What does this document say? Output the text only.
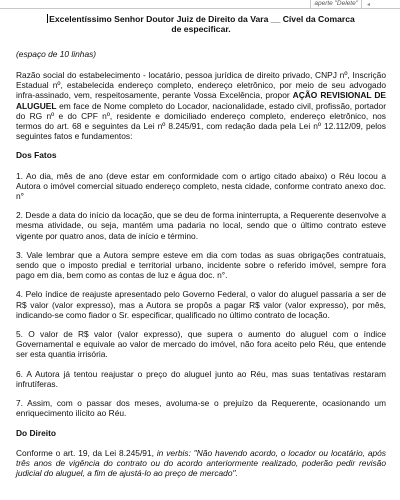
aperte "Delete"	◂
Excelentíssimo Senhor Doutor Juiz de Direito da Vara __ Cível da Comarca
de especificar.

(espaço de 10 linhas)

Razão social do estabelecimento - locatário, pessoa jurídica de direito privado, CNPJ nº, Inscrição Estadual nº, estabelecida endereço completo, endereço eletrônico, por meio de seu advogado infra-assinado, vem, respeitosamente, perante Vossa Excelência, propor AÇÃO REVISIONAL DE ALUGUEL em face de Nome completo do Locador, nacionalidade, estado civil, profissão, portador do RG nº e do CPF nº, residente e domiciliado endereço completo, endereço eletrônico, nos termos do art. 68 e seguintes da Lei nº 8.245/91, com redação dada pela Lei nº 12.112/09, pelos seguintes fatos e fundamentos:

Dos Fatos

1. Ao dia, mês de ano (deve estar em conformidade com o artigo citado abaixo) o Réu locou a Autora o imóvel comercial situado endereço completo, nesta cidade, conforme contrato anexo doc. n°

2. Desde a data do início da locação, que se deu de forma ininterrupta, a Requerente desenvolve a mesma atividade, ou seja, mantém uma padaria no local, sendo que o último contrato esteve vigente por quatro anos, data de início e término.

3. Vale lembrar que a Autora sempre esteve em dia com todas as suas obrigações contratuais, sendo que o imposto predial e territorial urbano, incidente sobre o referido imóvel, sempre fora pago em dia, bem como as contas de luz e água doc. n°.

4. Pelo índice de reajuste apresentado pelo Governo Federal, o valor do aluguel passaria a ser de R$ valor (valor expresso), mas a Autora se propôs a pagar R$ valor (valor expresso), por mês, indicando-se como fiador o Sr. especificar, qualificado no último contrato de locação.

5. O valor de R$ valor (valor expresso), que supera o aumento do aluguel com o índice Governamental e equivale ao valor de mercado do imóvel, não fora aceito pelo Réu, que entende ser esta quantia irrisória.

6. A Autora já tentou reajustar o preço do aluguel junto ao Réu, mas suas tentativas restaram infrutíferas.

7. Assim, com o passar dos meses, avoluma-se o prejuízo da Requerente, ocasionando um enriquecimento ilícito ao Réu.

Do Direito

Conforme o art. 19, da Lei 8.245/91, in verbis: "Não havendo acordo, o locador ou locatário, após três anos de vigência do contrato ou do acordo anteriormente realizado, poderão pedir revisão judicial do aluguel, a fim de ajustá-lo ao preço de mercado".
